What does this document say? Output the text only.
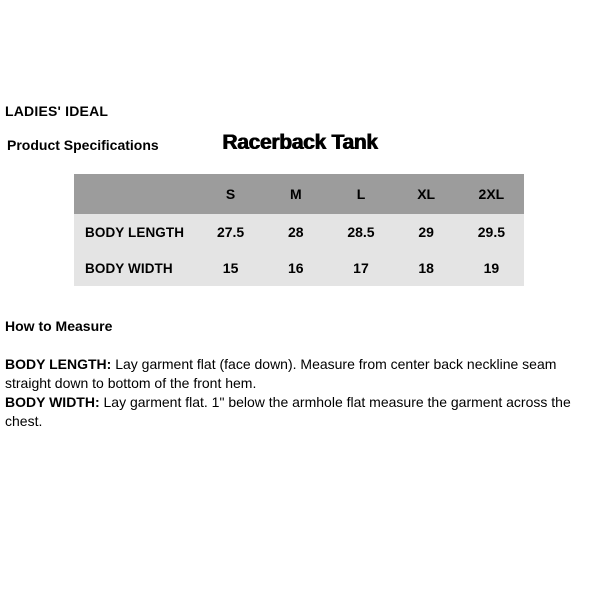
LADIES' IDEAL
Product Specifications	Racerback Tank
	S	M	L	XL	2XL
BODY LENGTH	27.5	28	28.5	29	29.5
BODY WIDTH	15	16	17	18	19
How to Measure

BODY LENGTH: Lay garment flat (face down). Measure from center back neckline seam straight down to bottom of the front hem.

BODY WIDTH: Lay garment flat. 1" below the armhole flat measure the garment across the chest.
